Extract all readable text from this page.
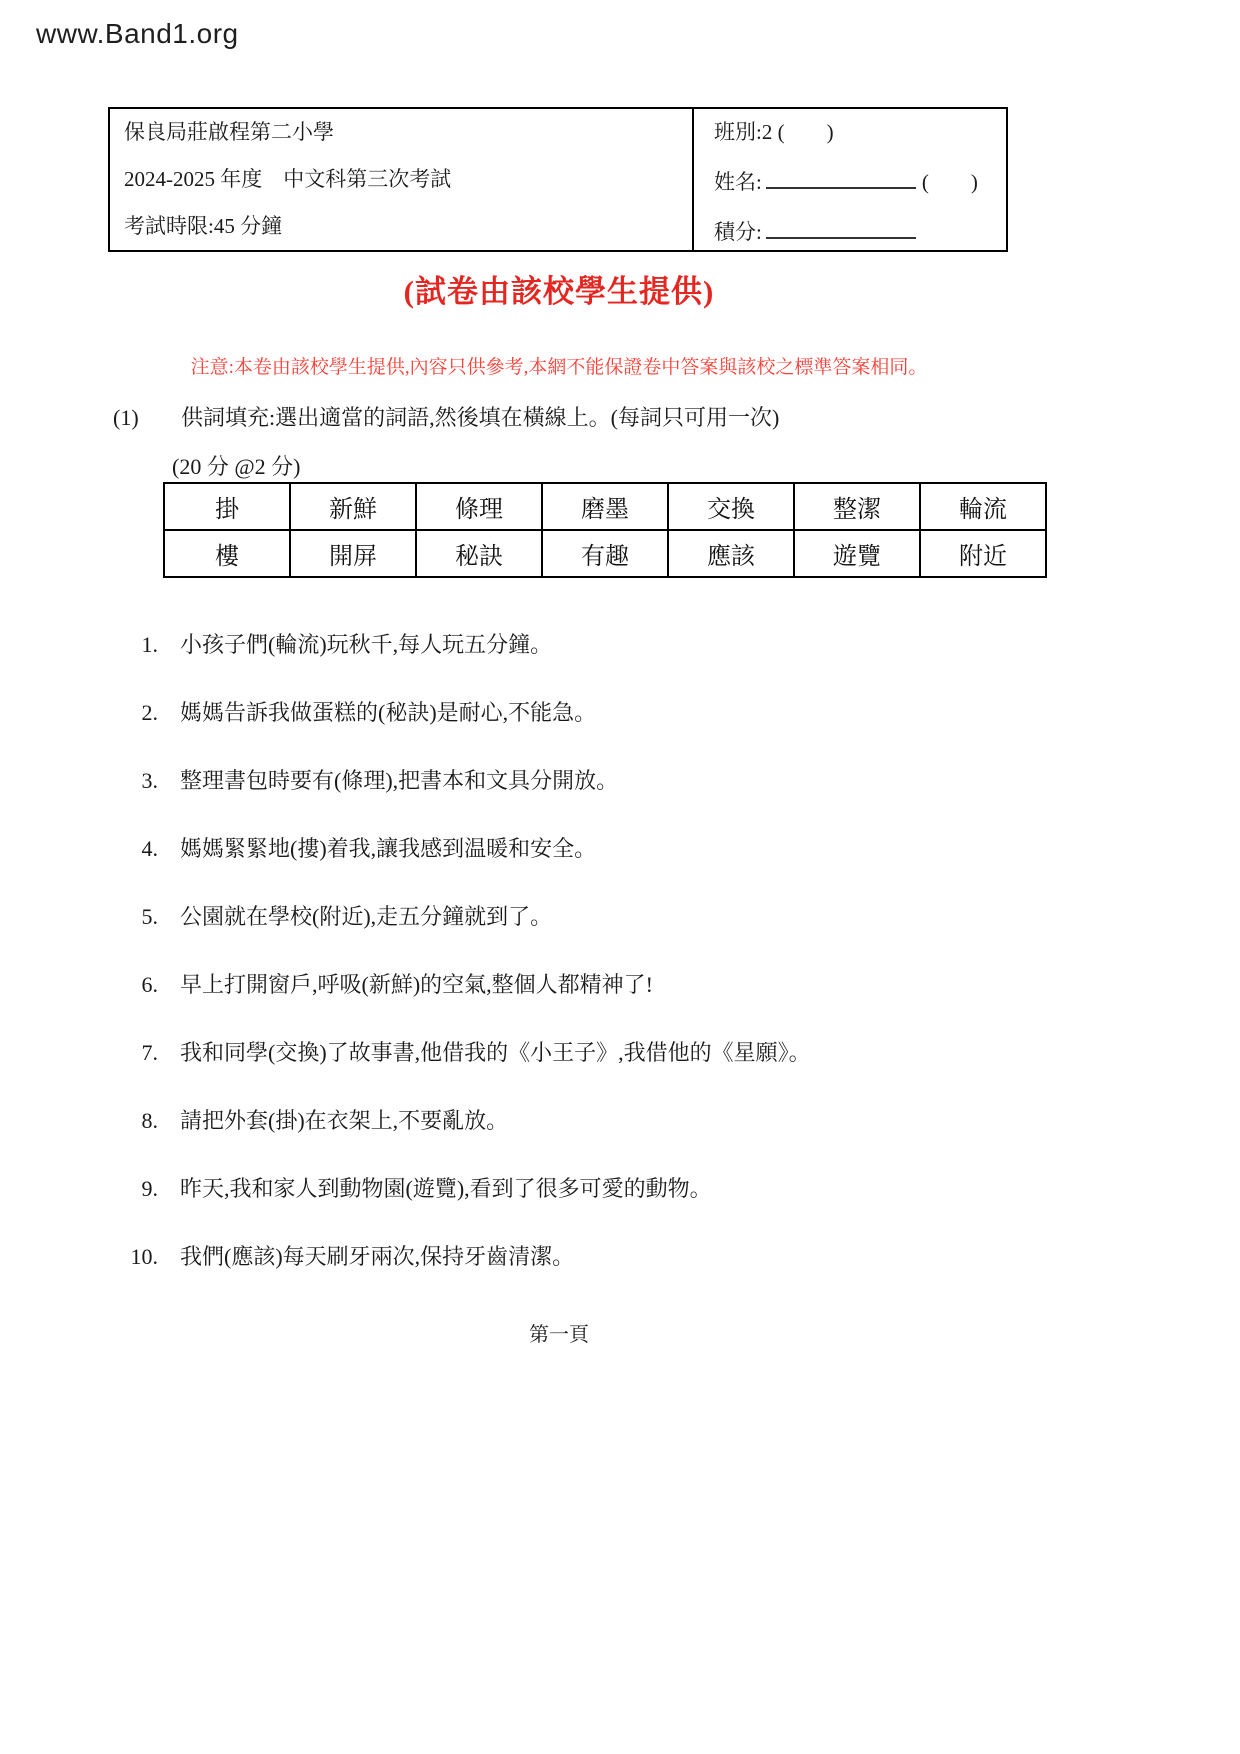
www.Band1.org
保良局莊啟程第二小學
2024-2025 年度　中文科第三次考試
考試時限:45 分鐘
班別:2 (　　)
姓名:	(　　)
積分:
(試卷由該校學生提供)
注意:本卷由該校學生提供,內容只供參考,本網不能保證卷中答案與該校之標準答案相同。
(1)	供詞填充:選出適當的詞語,然後填在橫線上。(每詞只可用一次)
(20 分 @2 分)
掛	新鮮	條理	磨墨	交換	整潔	輪流
樓	開屏	秘訣	有趣	應該	遊覽	附近
1. 小孩子們(輪流)玩秋千,每人玩五分鐘。
2. 媽媽告訴我做蛋糕的(秘訣)是耐心,不能急。
3. 整理書包時要有(條理),把書本和文具分開放。
4. 媽媽緊緊地(摟)着我,讓我感到温暖和安全。
5. 公園就在學校(附近),走五分鐘就到了。
6. 早上打開窗戶,呼吸(新鮮)的空氣,整個人都精神了!
7. 我和同學(交換)了故事書,他借我的《小王子》,我借他的《星願》。
8. 請把外套(掛)在衣架上,不要亂放。
9. 昨天,我和家人到動物園(遊覽),看到了很多可愛的動物。
10. 我們(應該)每天刷牙兩次,保持牙齒清潔。
第一頁
